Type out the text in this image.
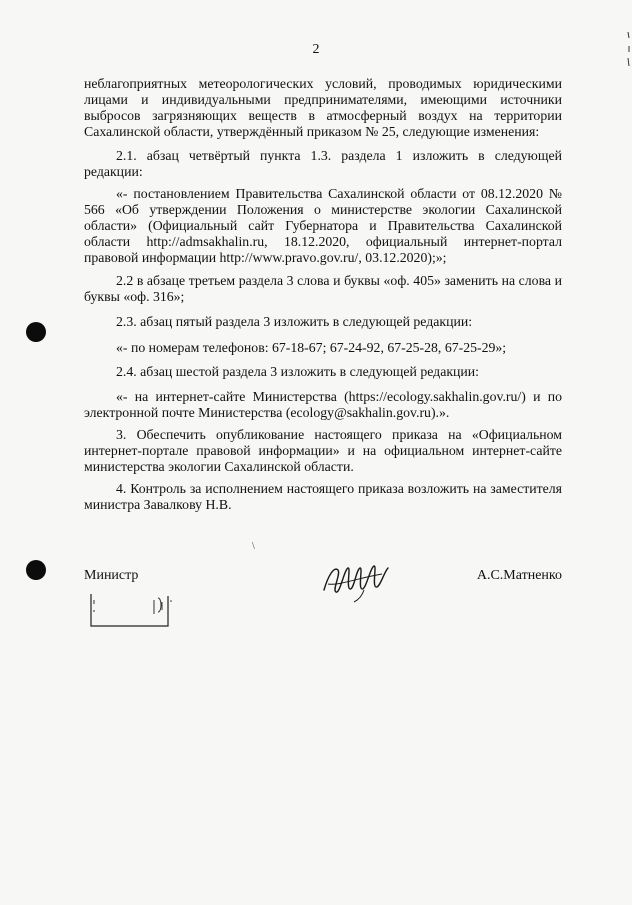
2

неблагоприятных метеорологических условий, проводимых юридическими лицами и индивидуальными предпринимателями, имеющими источники выбросов загрязняющих веществ в атмосферный воздух на территории Сахалинской области, утверждённый приказом № 25, следующие изменения:

2.1. абзац четвёртый пункта 1.3. раздела 1 изложить в следующей редакции:

«- постановлением Правительства Сахалинской области от 08.12.2020 № 566 «Об утверждении Положения о министерстве экологии Сахалинской области» (Официальный сайт Губернатора и Правительства Сахалинской области http://admsakhalin.ru, 18.12.2020, официальный интернет-портал правовой информации http://www.pravo.gov.ru/, 03.12.2020);»;

2.2 в абзаце третьем раздела 3 слова и буквы «оф. 405» заменить на слова и буквы «оф. 316»;

2.3. абзац пятый раздела 3 изложить в следующей редакции:

«- по номерам телефонов: 67-18-67; 67-24-92, 67-25-28, 67-25-29»;

2.4. абзац шестой раздела 3 изложить в следующей редакции:

«- на интернет-сайте Министерства (https://ecology.sakhalin.gov.ru/) и по электронной почте Министерства (ecology@sakhalin.gov.ru).».

3. Обеспечить опубликование настоящего приказа на «Официальном интернет-портале правовой информации» и на официальном интернет-сайте министерства экологии Сахалинской области.

4. Контроль за исполнением настоящего приказа возложить на заместителя министра Завалкову Н.В.

Министр	А.С.Матненко
\
